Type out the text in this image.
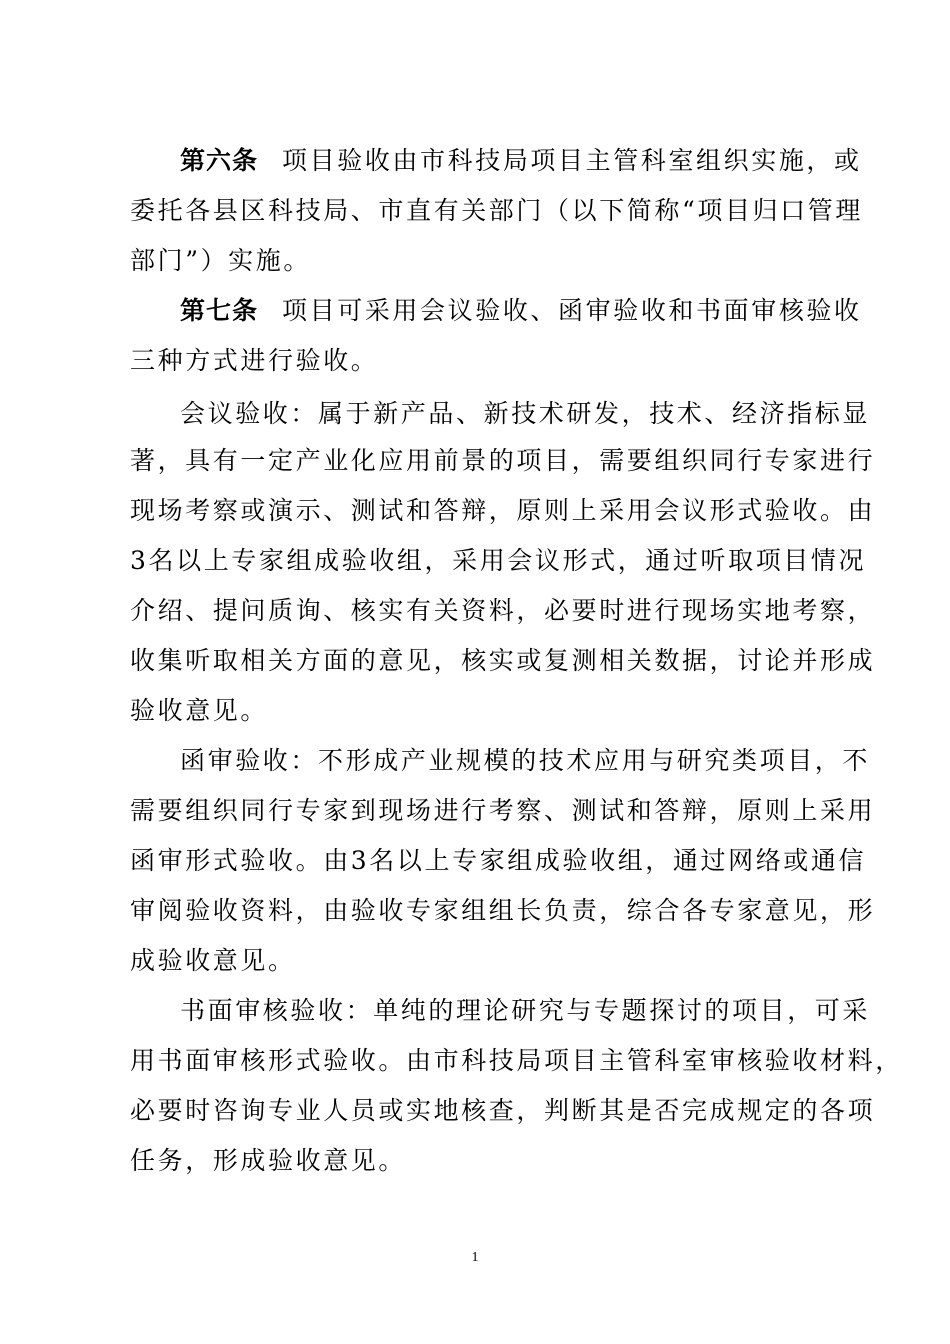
第六条 项目验收由市科技局项目主管科室组织实施，或
委托各县区科技局、市直有关部门（以下简称“项目归口管理
部门”）实施。
第七条 项目可采用会议验收、函审验收和书面审核验收
三种方式进行验收。
会议验收：属于新产品、新技术研发，技术、经济指标显
著，具有一定产业化应用前景的项目，需要组织同行专家进行
现场考察或演示、测试和答辩，原则上采用会议形式验收。由
3名以上专家组成验收组，采用会议形式，通过听取项目情况
介绍、提问质询、核实有关资料，必要时进行现场实地考察，
收集听取相关方面的意见，核实或复测相关数据，讨论并形成
验收意见。
函审验收：不形成产业规模的技术应用与研究类项目，不
需要组织同行专家到现场进行考察、测试和答辩，原则上采用
函审形式验收。由3名以上专家组成验收组，通过网络或通信
审阅验收资料，由验收专家组组长负责，综合各专家意见，形
成验收意见。
书面审核验收：单纯的理论研究与专题探讨的项目，可采
用书面审核形式验收。由市科技局项目主管科室审核验收材料，
必要时咨询专业人员或实地核查，判断其是否完成规定的各项
任务，形成验收意见。
1
